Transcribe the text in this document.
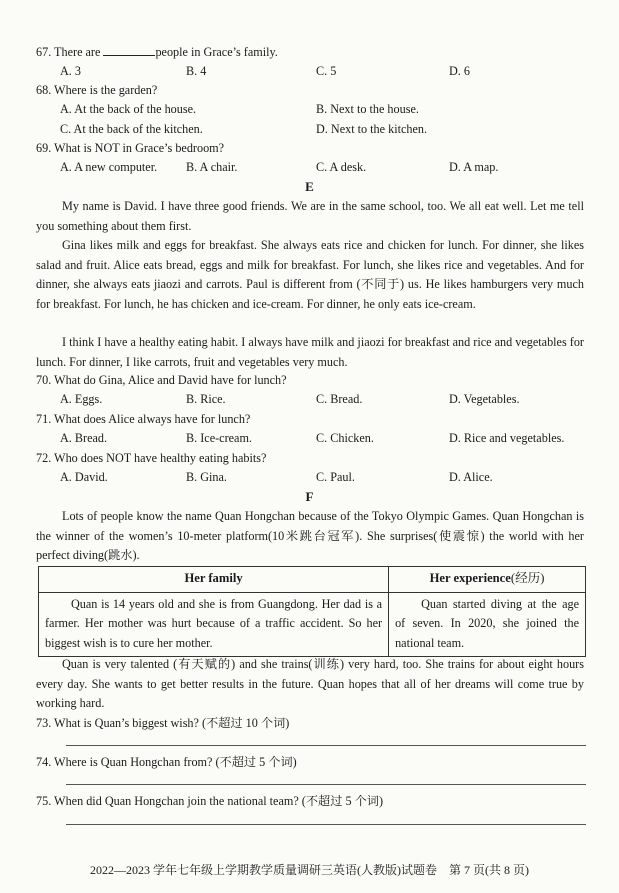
67. There are	people in Grace’s family.
A. 3	B. 4	C. 5	D. 6
68. Where is the garden?
A. At the back of the house.	B. Next to the house.
C. At the back of the kitchen.	D. Next to the kitchen.
69. What is NOT in Grace’s bedroom?
A. A new computer. B. A chair.	C. A desk.	D. A map.
E
My name is David. I have three good friends. We are in the same school, too. We all eat well. Let me tell you something about them first.
Gina likes milk and eggs for breakfast. She always eats rice and chicken for lunch. For dinner, she likes salad and fruit. Alice eats bread, eggs and milk for breakfast. For lunch, she likes rice and vegetables. And for dinner, she always eats jiaozi and carrots. Paul is different from (不同于) us. He likes hamburgers very much for breakfast. For lunch, he has chicken and ice-cream. For dinner, he only eats ice-cream.
I think I have a healthy eating habit. I always have milk and jiaozi for breakfast and rice and vegetables for lunch. For dinner, I like carrots, fruit and vegetables very much.
70. What do Gina, Alice and David have for lunch?
A. Eggs.	B. Rice.	C. Bread.	D. Vegetables.
71. What does Alice always have for lunch?
A. Bread.	B. Ice-cream.	C. Chicken.	D. Rice and vegetables.
72. Who does NOT have healthy eating habits?
A. David.	B. Gina.	C. Paul.	D. Alice.
F
Lots of people know the name Quan Hongchan because of the Tokyo Olympic Games. Quan Hongchan is the winner of the women’s 10-meter platform(10米跳台冠军). She surprises(使震惊) the world with her perfect diving(跳水).
Her family	Her experience(经历)

Quan is 14 years old and she is from Guangdong. Her dad is a farmer. Her mother was hurt because of a traffic accident. So her biggest wish is to cure her mother.	Quan started diving at the age of seven. In 2020, she joined the national team.
Quan is very talented (有天赋的) and she trains(训练) very hard, too. She trains for about eight hours every day. She wants to get better results in the future. Quan hopes that all of her dreams will come true by working hard.
73. What is Quan’s biggest wish? (不超过 10 个词)
74. Where is Quan Hongchan from? (不超过 5 个词)
75. When did Quan Hongchan join the national team? (不超过 5 个词)
2022—2023 学年七年级上学期教学质量调研三英语(人教版)试题卷　第 7 页(共 8 页)
